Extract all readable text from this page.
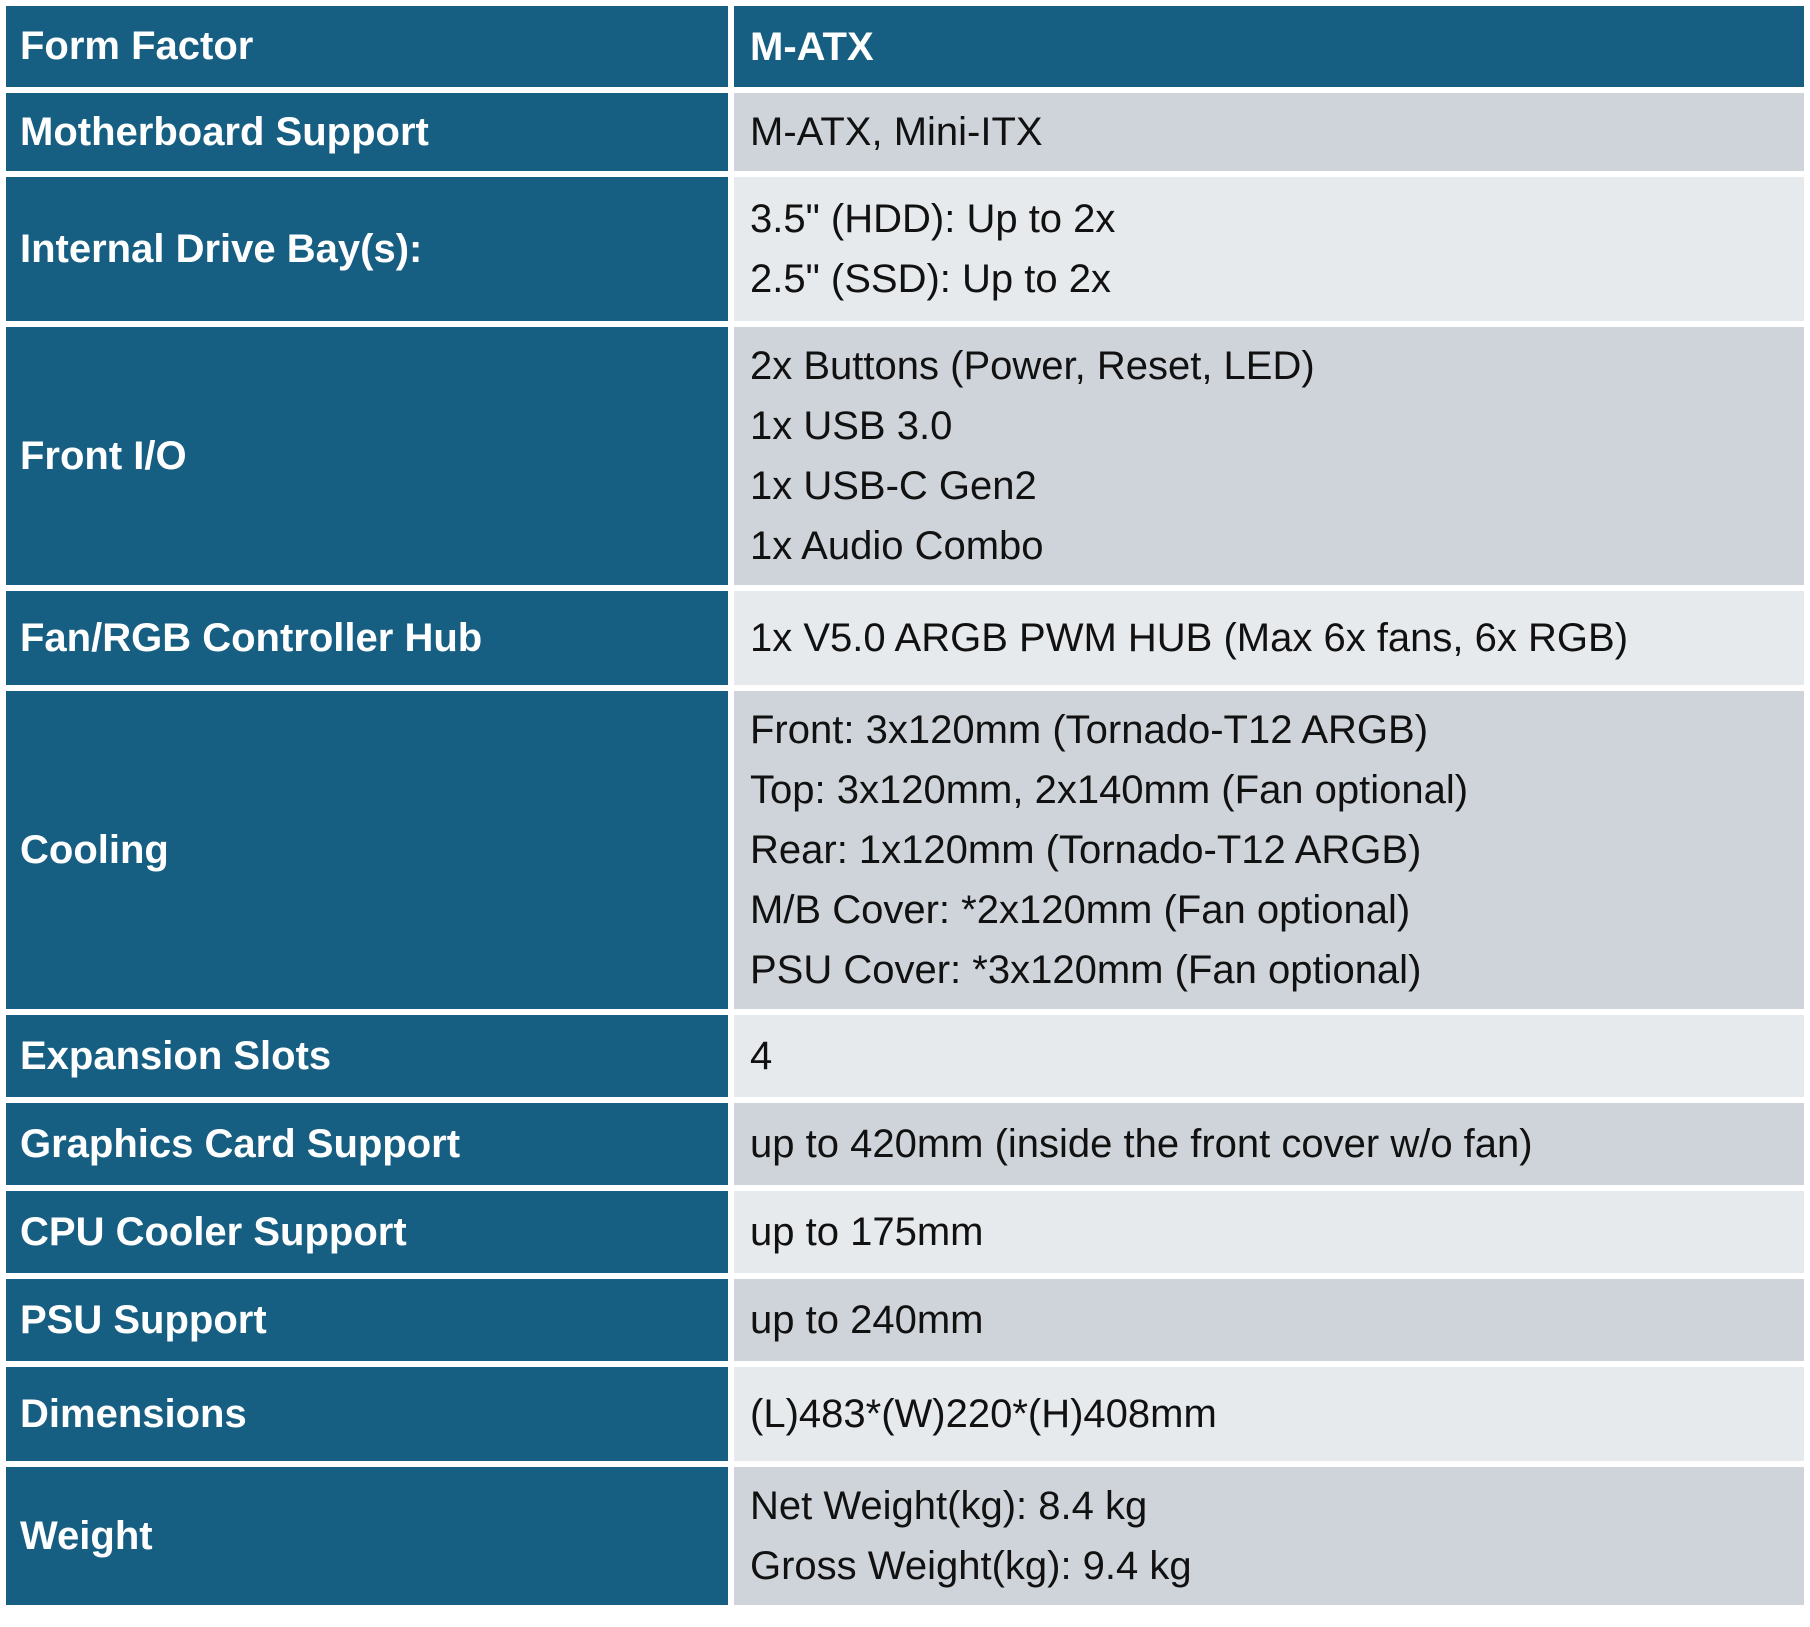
Form Factor	M-ATX

Motherboard Support	M-ATX, Mini-ITX

Internal Drive Bay(s):	3.5" (HDD): Up to 2x
2.5" (SSD): Up to 2x

Front I/O	2x Buttons (Power, Reset, LED)
1x USB 3.0
1x USB-C Gen2
1x Audio Combo

Fan/RGB Controller Hub	1x V5.0 ARGB PWM HUB (Max 6x fans, 6x RGB)

Cooling	Front: 3x120mm (Tornado-T12 ARGB)
Top: 3x120mm, 2x140mm (Fan optional)
Rear: 1x120mm (Tornado-T12 ARGB)
M/B Cover: *2x120mm (Fan optional)
PSU Cover: *3x120mm (Fan optional)

Expansion Slots	4

Graphics Card Support	up to 420mm (inside the front cover w/o fan)

CPU Cooler Support	up to 175mm

PSU Support	up to 240mm

Dimensions	(L)483*(W)220*(H)408mm

Weight	Net Weight(kg): 8.4 kg
Gross Weight(kg): 9.4 kg
